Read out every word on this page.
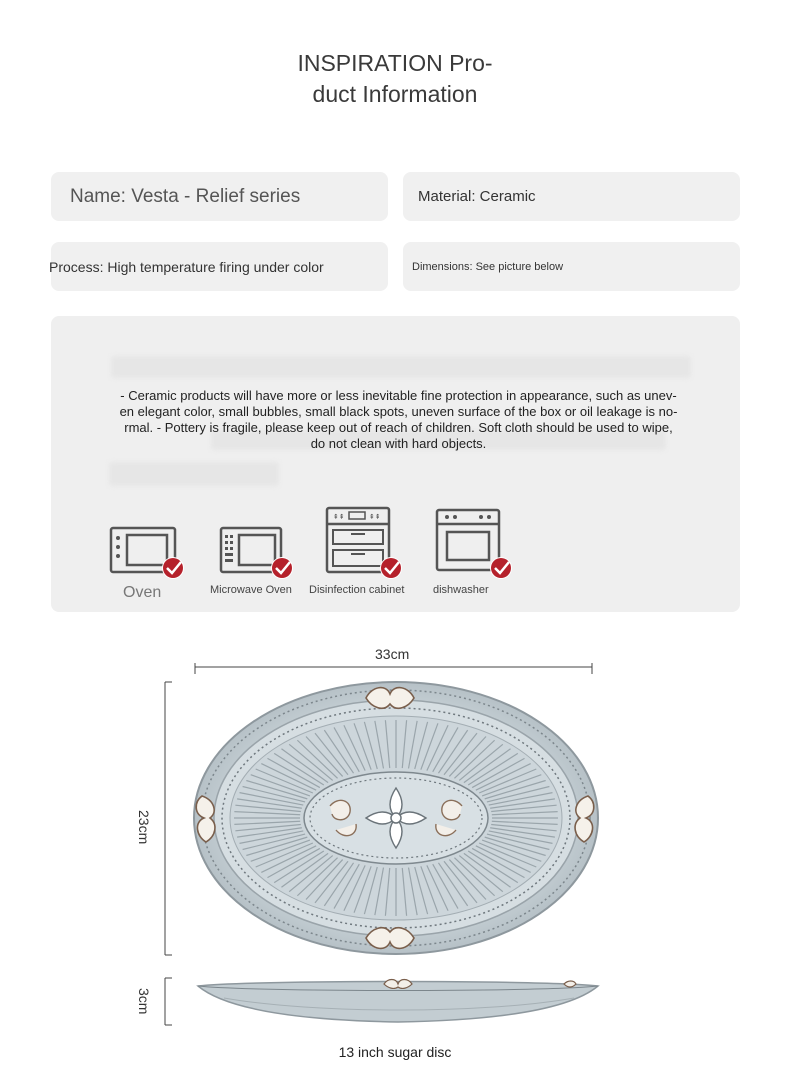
INSPIRATION Pro-
duct Information
Name: Vesta - Relief series	Material: Ceramic
Process: High temperature firing under color	Dimensions: See picture below
- Ceramic products will have more or less inevitable fine protection in appearance, such as unev-
en elegant color, small bubbles, small black spots, uneven surface of the box or oil leakage is no-
rmal. - Pottery is fragile, please keep out of reach of children. Soft cloth should be used to wipe,
do not clean with hard objects.
Oven	Microwave Oven
⇞⇞	⇞⇞
Disinfection cabinet	dishwasher
33cm
23cm
3cm
13 inch sugar disc
